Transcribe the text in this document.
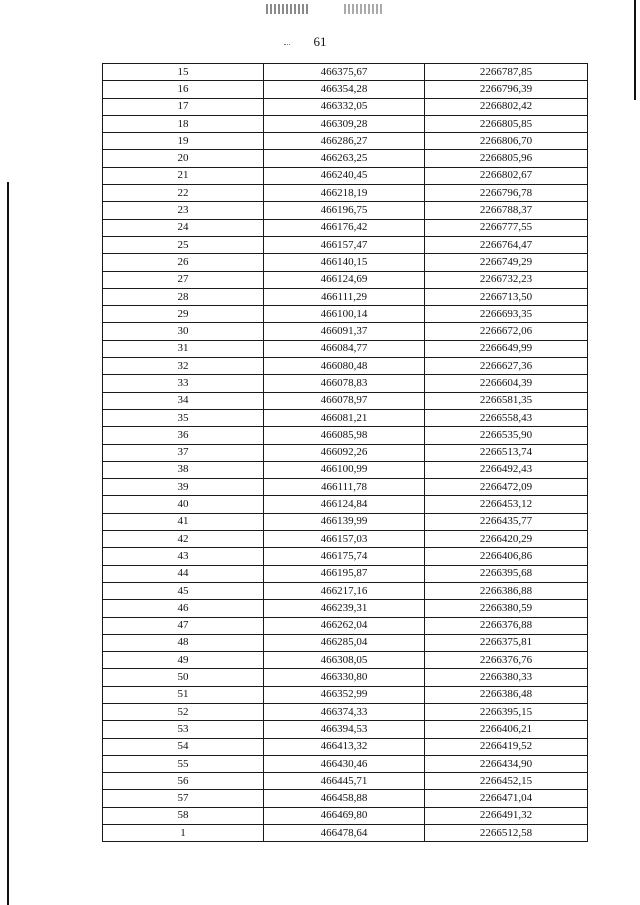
61
15	466375,67	2266787,85
16	466354,28	2266796,39
17	466332,05	2266802,42
18	466309,28	2266805,85
19	466286,27	2266806,70
20	466263,25	2266805,96
21	466240,45	2266802,67
22	466218,19	2266796,78
23	466196,75	2266788,37
24	466176,42	2266777,55
25	466157,47	2266764,47
26	466140,15	2266749,29
27	466124,69	2266732,23
28	466111,29	2266713,50
29	466100,14	2266693,35
30	466091,37	2266672,06
31	466084,77	2266649,99
32	466080,48	2266627,36
33	466078,83	2266604,39
34	466078,97	2266581,35
35	466081,21	2266558,43
36	466085,98	2266535,90
37	466092,26	2266513,74
38	466100,99	2266492,43
39	466111,78	2266472,09
40	466124,84	2266453,12
41	466139,99	2266435,77
42	466157,03	2266420,29
43	466175,74	2266406,86
44	466195,87	2266395,68
45	466217,16	2266386,88
46	466239,31	2266380,59
47	466262,04	2266376,88
48	466285,04	2266375,81
49	466308,05	2266376,76
50	466330,80	2266380,33
51	466352,99	2266386,48
52	466374,33	2266395,15
53	466394,53	2266406,21
54	466413,32	2266419,52
55	466430,46	2266434,90
56	466445,71	2266452,15
57	466458,88	2266471,04
58	466469,80	2266491,32
1	466478,64	2266512,58
